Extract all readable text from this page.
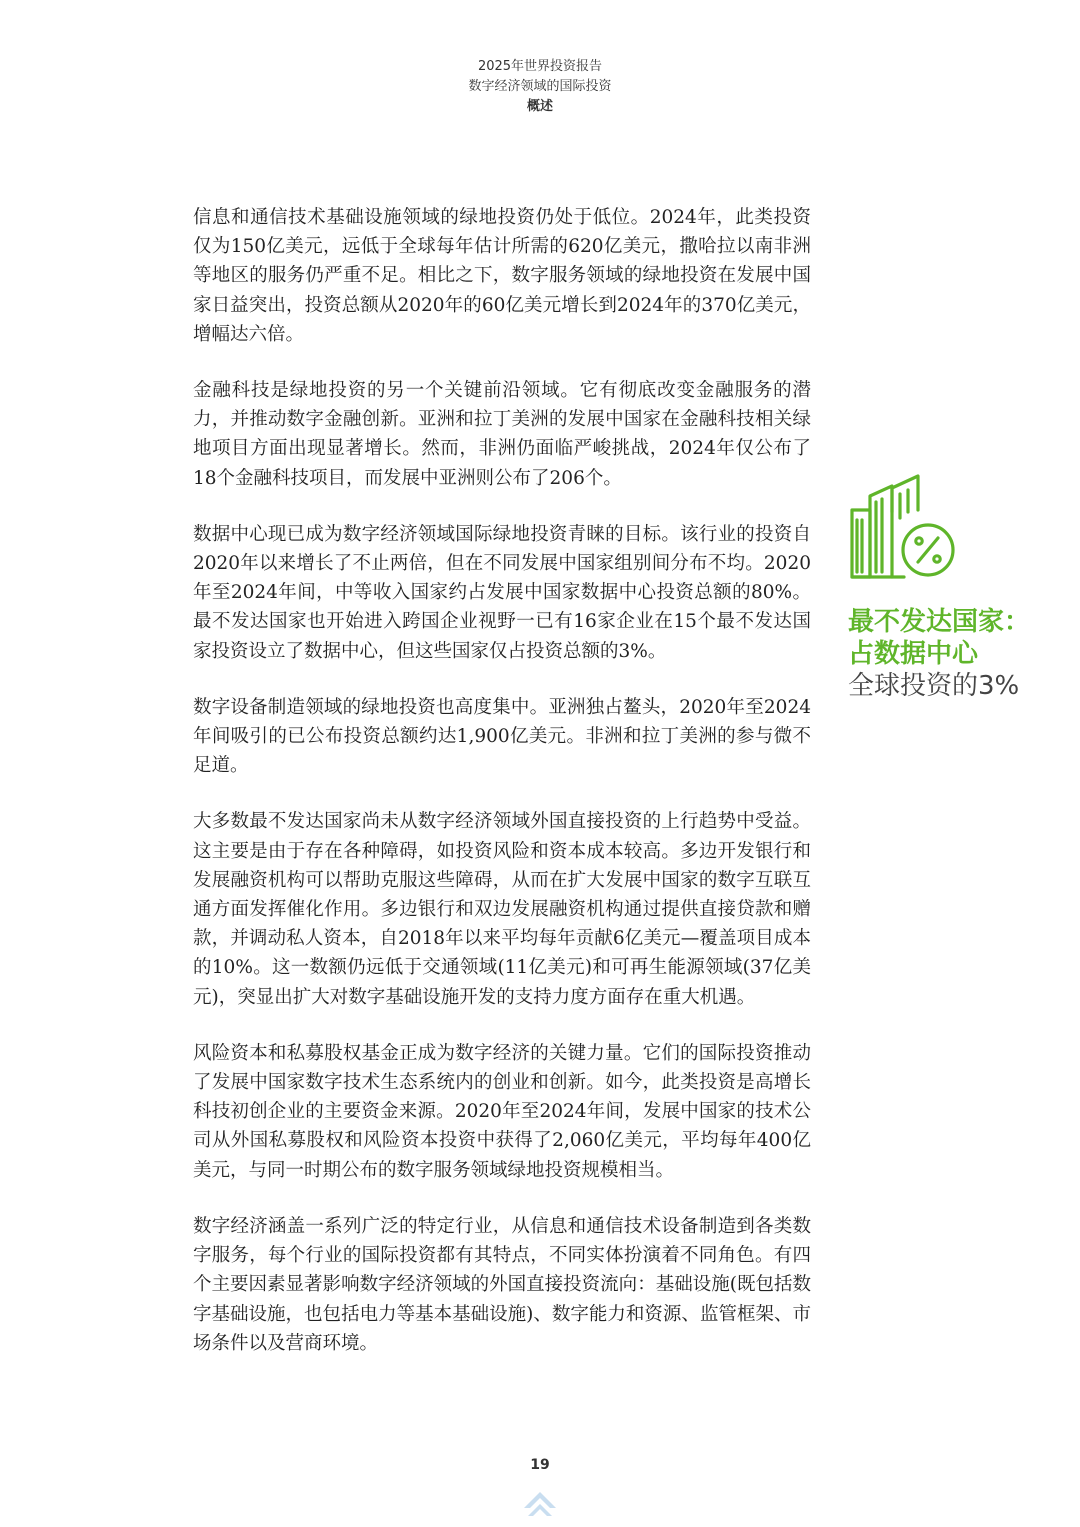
2025年世界投资报告
数字经济领域的国际投资
概述

信息和通信技术基础设施领域的绿地投资仍处于低位。2024年，此类投资仅为150亿美元，远低于全球每年估计所需的620亿美元，撒哈拉以南非洲等地区的服务仍严重不足。相比之下，数字服务领域的绿地投资在发展中国家日益突出，投资总额从2020年的60亿美元增长到2024年的370亿美元，增幅达六倍。

金融科技是绿地投资的另一个关键前沿领域。它有彻底改变金融服务的潜力，并推动数字金融创新。亚洲和拉丁美洲的发展中国家在金融科技相关绿地项目方面出现显著增长。然而，非洲仍面临严峻挑战，2024年仅公布了18个金融科技项目，而发展中亚洲则公布了206个。

数据中心现已成为数字经济领域国际绿地投资青睐的目标。该行业的投资自2020年以来增长了不止两倍，但在不同发展中国家组别间分布不均。2020年至2024年间，中等收入国家约占发展中国家数据中心投资总额的80%。最不发达国家也开始进入跨国企业视野一已有16家企业在15个最不发达国家投资设立了数据中心，但这些国家仅占投资总额的3%。

数字设备制造领域的绿地投资也高度集中。亚洲独占鳌头，2020年至2024年间吸引的已公布投资总额约达1,900亿美元。非洲和拉丁美洲的参与微不足道。

大多数最不发达国家尚未从数字经济领域外国直接投资的上行趋势中受益。这主要是由于存在各种障碍，如投资风险和资本成本较高。多边开发银行和发展融资机构可以帮助克服这些障碍，从而在扩大发展中国家的数字互联互通方面发挥催化作用。多边银行和双边发展融资机构通过提供直接贷款和赠款，并调动私人资本，自2018年以来平均每年贡献6亿美元—覆盖项目成本的10%。这一数额仍远低于交通领域(11亿美元)和可再生能源领域(37亿美元)，突显出扩大对数字基础设施开发的支持力度方面存在重大机遇。

风险资本和私募股权基金正成为数字经济的关键力量。它们的国际投资推动了发展中国家数字技术生态系统内的创业和创新。如今，此类投资是高增长科技初创企业的主要资金来源。2020年至2024年间，发展中国家的技术公司从外国私募股权和风险资本投资中获得了2,060亿美元，平均每年400亿美元，与同一时期公布的数字服务领域绿地投资规模相当。

数字经济涵盖一系列广泛的特定行业，从信息和通信技术设备制造到各类数字服务，每个行业的国际投资都有其特点，不同实体扮演着不同角色。有四个主要因素显著影响数字经济领域的外国直接投资流向：基础设施(既包括数字基础设施，也包括电力等基本基础设施)、数字能力和资源、监管框架、市场条件以及营商环境。

最不发达国家：
占数据中心
全球投资的3%
19
